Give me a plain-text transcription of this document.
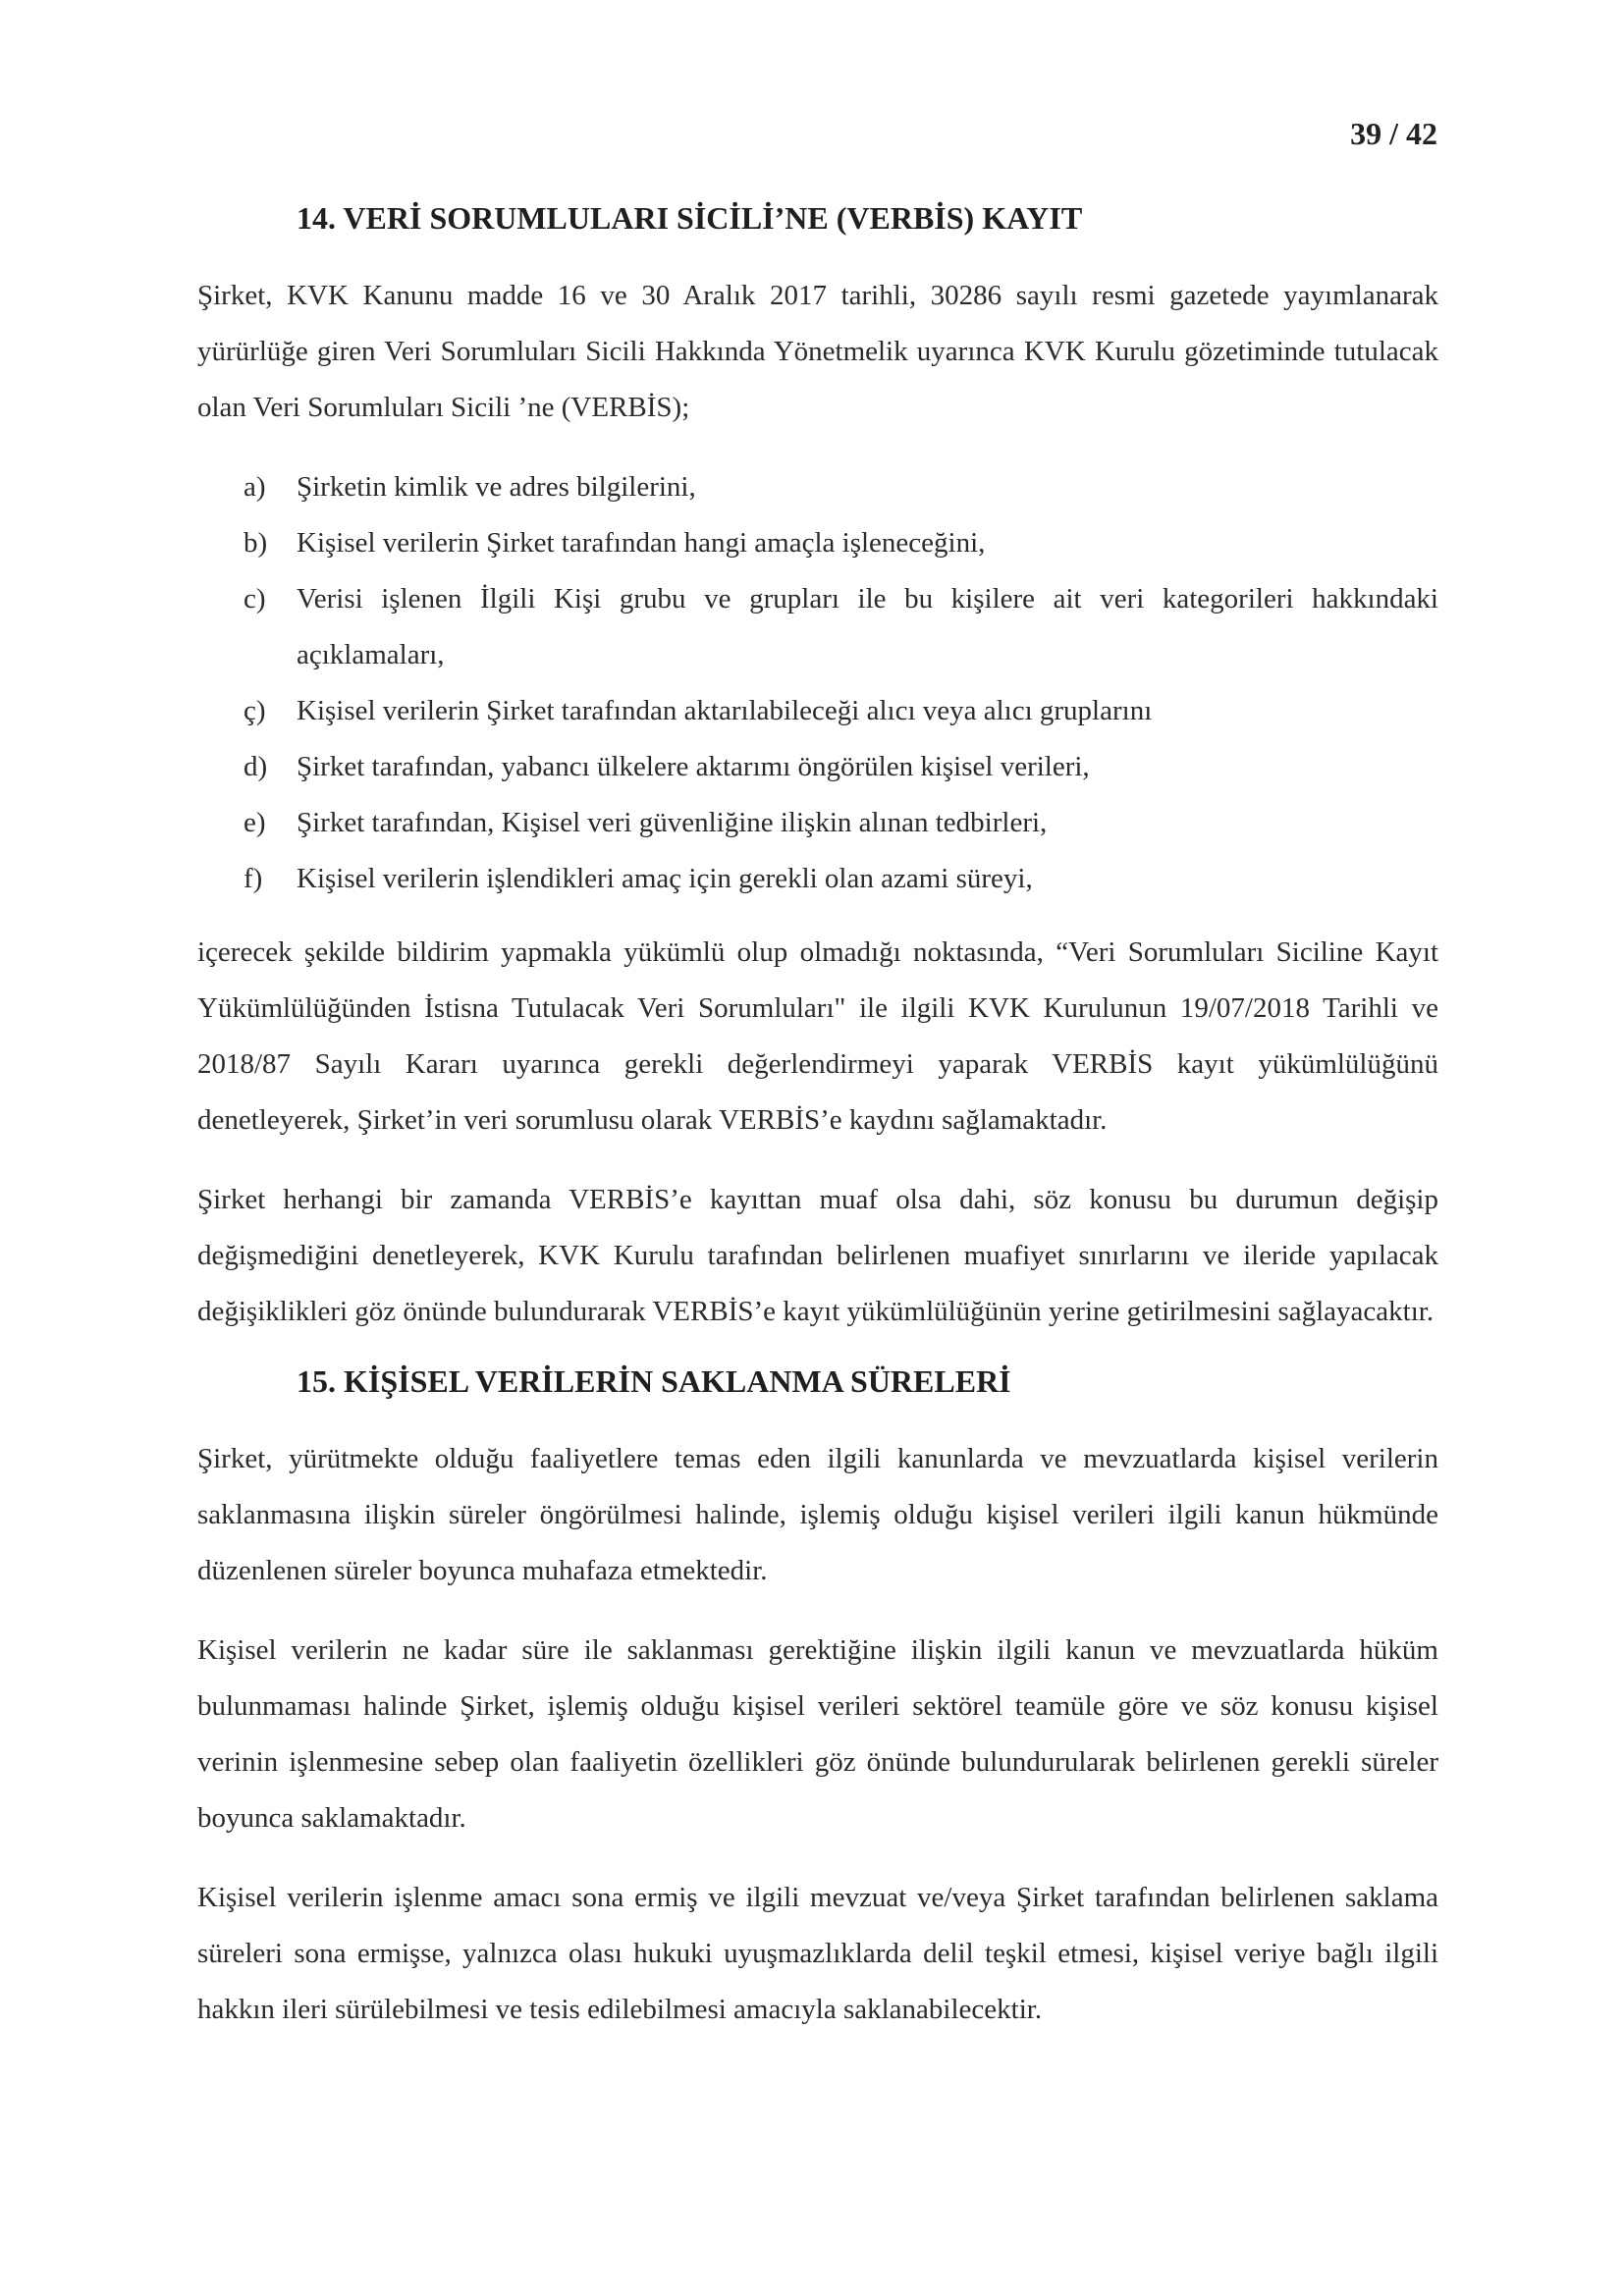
39 / 42
14. VERİ SORUMLULARI SİCİLİ’NE (VERBİS) KAYIT

Şirket, KVK Kanunu madde 16 ve 30 Aralık 2017 tarihli, 30286 sayılı resmi gazetede yayımlanarak yürürlüğe giren Veri Sorumluları Sicili Hakkında Yönetmelik uyarınca KVK Kurulu gözetiminde tutulacak olan Veri Sorumluları Sicili ’ne (VERBİS);

a)	Şirketin kimlik ve adres bilgilerini,
b)	Kişisel verilerin Şirket tarafından hangi amaçla işleneceğini,
c)	Verisi işlenen İlgili Kişi grubu ve grupları ile bu kişilere ait veri kategorileri hakkındaki açıklamaları,
ç)	Kişisel verilerin Şirket tarafından aktarılabileceği alıcı veya alıcı gruplarını
d)	Şirket tarafından, yabancı ülkelere aktarımı öngörülen kişisel verileri,
e)	Şirket tarafından, Kişisel veri güvenliğine ilişkin alınan tedbirleri,
f)	Kişisel verilerin işlendikleri amaç için gerekli olan azami süreyi,

içerecek şekilde bildirim yapmakla yükümlü olup olmadığı noktasında, “Veri Sorumluları Siciline Kayıt Yükümlülüğünden İstisna Tutulacak Veri Sorumluları" ile ilgili KVK Kurulunun 19/07/2018 Tarihli ve 2018/87 Sayılı Kararı uyarınca gerekli değerlendirmeyi yaparak VERBİS kayıt yükümlülüğünü denetleyerek, Şirket’in veri sorumlusu olarak VERBİS’e kaydını sağlamaktadır.

Şirket herhangi bir zamanda VERBİS’e kayıttan muaf olsa dahi, söz konusu bu durumun değişip değişmediğini denetleyerek, KVK Kurulu tarafından belirlenen muafiyet sınırlarını ve ileride yapılacak değişiklikleri göz önünde bulundurarak VERBİS’e kayıt yükümlülüğünün yerine getirilmesini sağlayacaktır.

15. KİŞİSEL VERİLERİN SAKLANMA SÜRELERİ

Şirket, yürütmekte olduğu faaliyetlere temas eden ilgili kanunlarda ve mevzuatlarda kişisel verilerin saklanmasına ilişkin süreler öngörülmesi halinde, işlemiş olduğu kişisel verileri ilgili kanun hükmünde düzenlenen süreler boyunca muhafaza etmektedir.

Kişisel verilerin ne kadar süre ile saklanması gerektiğine ilişkin ilgili kanun ve mevzuatlarda hüküm bulunmaması halinde Şirket, işlemiş olduğu kişisel verileri sektörel teamüle göre ve söz konusu kişisel verinin işlenmesine sebep olan faaliyetin özellikleri göz önünde bulundurularak belirlenen gerekli süreler boyunca saklamaktadır.

Kişisel verilerin işlenme amacı sona ermiş ve ilgili mevzuat ve/veya Şirket tarafından belirlenen saklama süreleri sona ermişse, yalnızca olası hukuki uyuşmazlıklarda delil teşkil etmesi, kişisel veriye bağlı ilgili hakkın ileri sürülebilmesi ve tesis edilebilmesi amacıyla saklanabilecektir.
